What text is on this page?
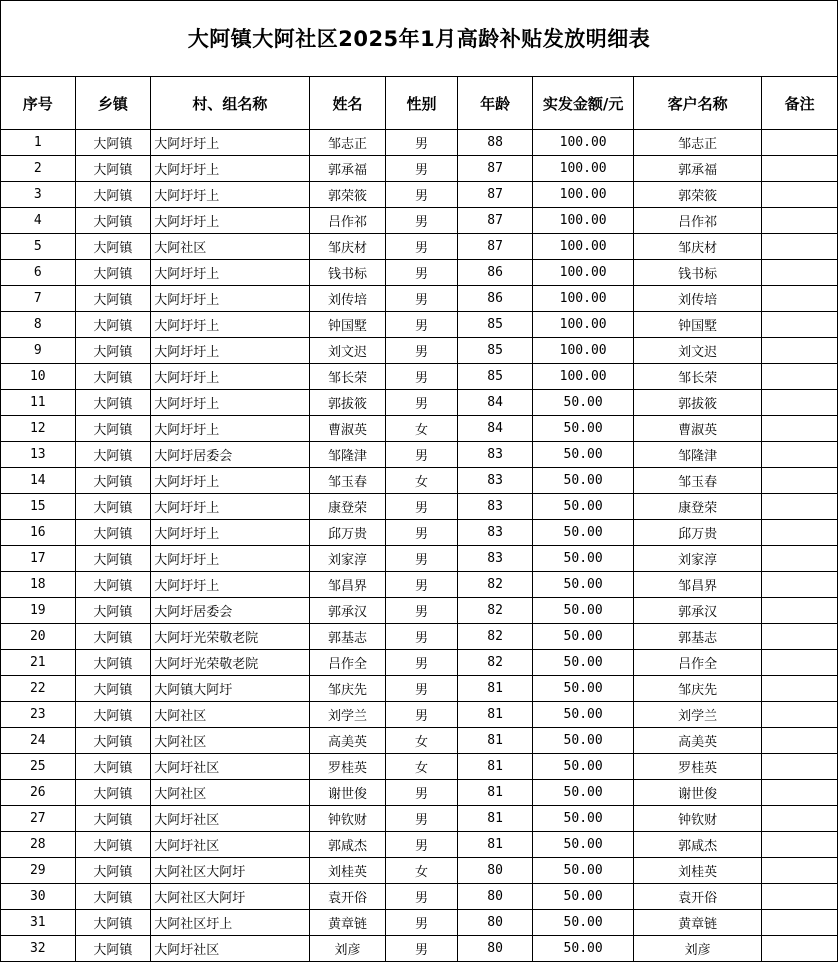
大阿镇大阿社区2025年1月高龄补贴发放明细表
序号	乡镇	村、组名称	姓名	性别	年龄	实发金额/元	客户名称	备注
1	大阿镇	大阿圩圩上	邹志正	男	88	100.00	邹志正	
2	大阿镇	大阿圩圩上	郭承福	男	87	100.00	郭承福	
3	大阿镇	大阿圩圩上	郭荣筱	男	87	100.00	郭荣筱	
4	大阿镇	大阿圩圩上	吕作祁	男	87	100.00	吕作祁	
5	大阿镇	大阿社区	邹庆材	男	87	100.00	邹庆材	
6	大阿镇	大阿圩圩上	钱书标	男	86	100.00	钱书标	
7	大阿镇	大阿圩圩上	刘传培	男	86	100.00	刘传培	
8	大阿镇	大阿圩圩上	钟国墅	男	85	100.00	钟国墅	
9	大阿镇	大阿圩圩上	刘文迟	男	85	100.00	刘文迟	
10	大阿镇	大阿圩圩上	邹长荣	男	85	100.00	邹长荣	
11	大阿镇	大阿圩圩上	郭拔筱	男	84	50.00	郭拔筱	
12	大阿镇	大阿圩圩上	曹淑英	女	84	50.00	曹淑英	
13	大阿镇	大阿圩居委会	邹隆津	男	83	50.00	邹隆津	
14	大阿镇	大阿圩圩上	邹玉春	女	83	50.00	邹玉春	
15	大阿镇	大阿圩圩上	康登荣	男	83	50.00	康登荣	
16	大阿镇	大阿圩圩上	邱万贵	男	83	50.00	邱万贵	
17	大阿镇	大阿圩圩上	刘家淳	男	83	50.00	刘家淳	
18	大阿镇	大阿圩圩上	邹昌界	男	82	50.00	邹昌界	
19	大阿镇	大阿圩居委会	郭承汉	男	82	50.00	郭承汉	
20	大阿镇	大阿圩光荣敬老院	郭基志	男	82	50.00	郭基志	
21	大阿镇	大阿圩光荣敬老院	吕作全	男	82	50.00	吕作全	
22	大阿镇	大阿镇大阿圩	邹庆先	男	81	50.00	邹庆先	
23	大阿镇	大阿社区	刘学兰	男	81	50.00	刘学兰	
24	大阿镇	大阿社区	高美英	女	81	50.00	高美英	
25	大阿镇	大阿圩社区	罗桂英	女	81	50.00	罗桂英	
26	大阿镇	大阿社区	谢世俊	男	81	50.00	谢世俊	
27	大阿镇	大阿圩社区	钟钦财	男	81	50.00	钟钦财	
28	大阿镇	大阿圩社区	郭咸杰	男	81	50.00	郭咸杰	
29	大阿镇	大阿社区大阿圩	刘桂英	女	80	50.00	刘桂英	
30	大阿镇	大阿社区大阿圩	袁开俗	男	80	50.00	袁开俗	
31	大阿镇	大阿社区圩上	黄章链	男	80	50.00	黄章链	
32	大阿镇	大阿圩社区	刘彦	男	80	50.00	刘彦	
